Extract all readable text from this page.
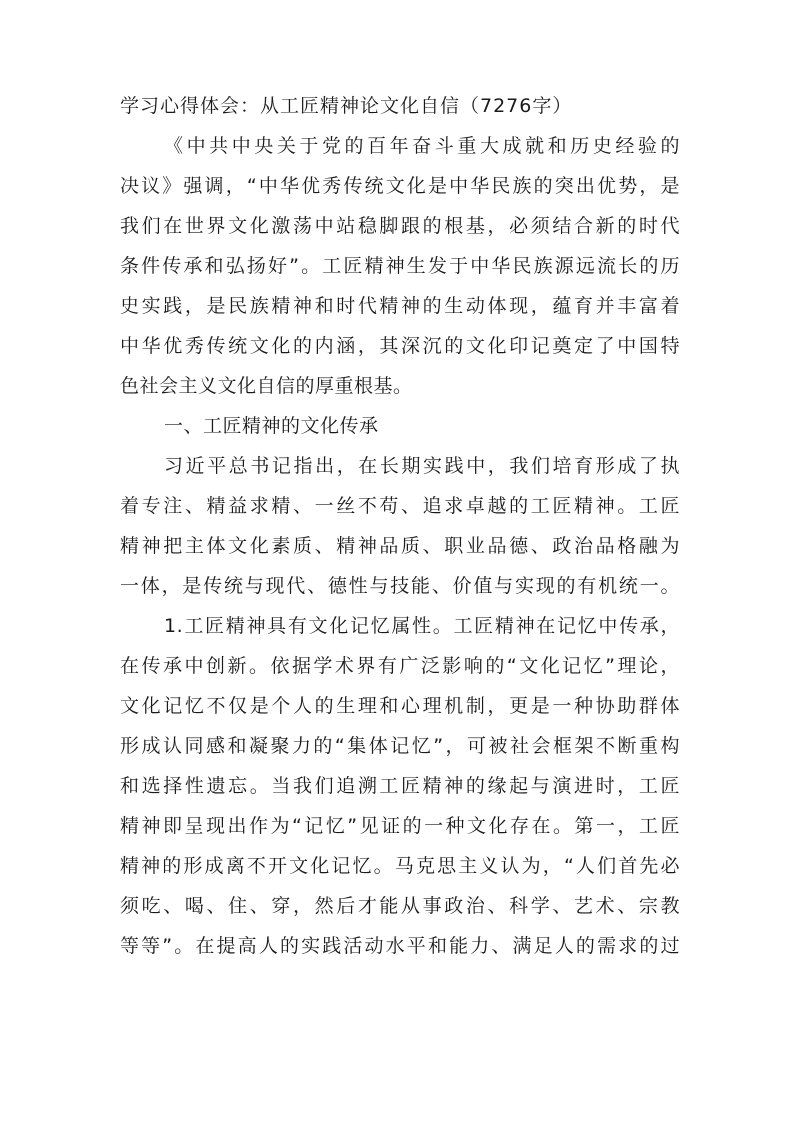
学习心得体会：从工匠精神论文化自信（7276字）
《中共中央关于党的百年奋斗重大成就和历史经验的
决议》强调，“中华优秀传统文化是中华民族的突出优势，是
我们在世界文化激荡中站稳脚跟的根基，必须结合新的时代
条件传承和弘扬好”。工匠精神生发于中华民族源远流长的历
史实践，是民族精神和时代精神的生动体现，蕴育并丰富着
中华优秀传统文化的内涵，其深沉的文化印记奠定了中国特
色社会主义文化自信的厚重根基。
一、工匠精神的文化传承
习近平总书记指出，在长期实践中，我们培育形成了执
着专注、精益求精、一丝不苟、追求卓越的工匠精神。工匠
精神把主体文化素质、精神品质、职业品德、政治品格融为
一体，是传统与现代、德性与技能、价值与实现的有机统一。
1.工匠精神具有文化记忆属性。工匠精神在记忆中传承，
在传承中创新。依据学术界有广泛影响的“文化记忆”理论，
文化记忆不仅是个人的生理和心理机制，更是一种协助群体
形成认同感和凝聚力的“集体记忆”，可被社会框架不断重构
和选择性遗忘。当我们追溯工匠精神的缘起与演进时，工匠
精神即呈现出作为“记忆”见证的一种文化存在。第一，工匠
精神的形成离不开文化记忆。马克思主义认为，“人们首先必
须吃、喝、住、穿，然后才能从事政治、科学、艺术、宗教
等等”。在提高人的实践活动水平和能力、满足人的需求的过
